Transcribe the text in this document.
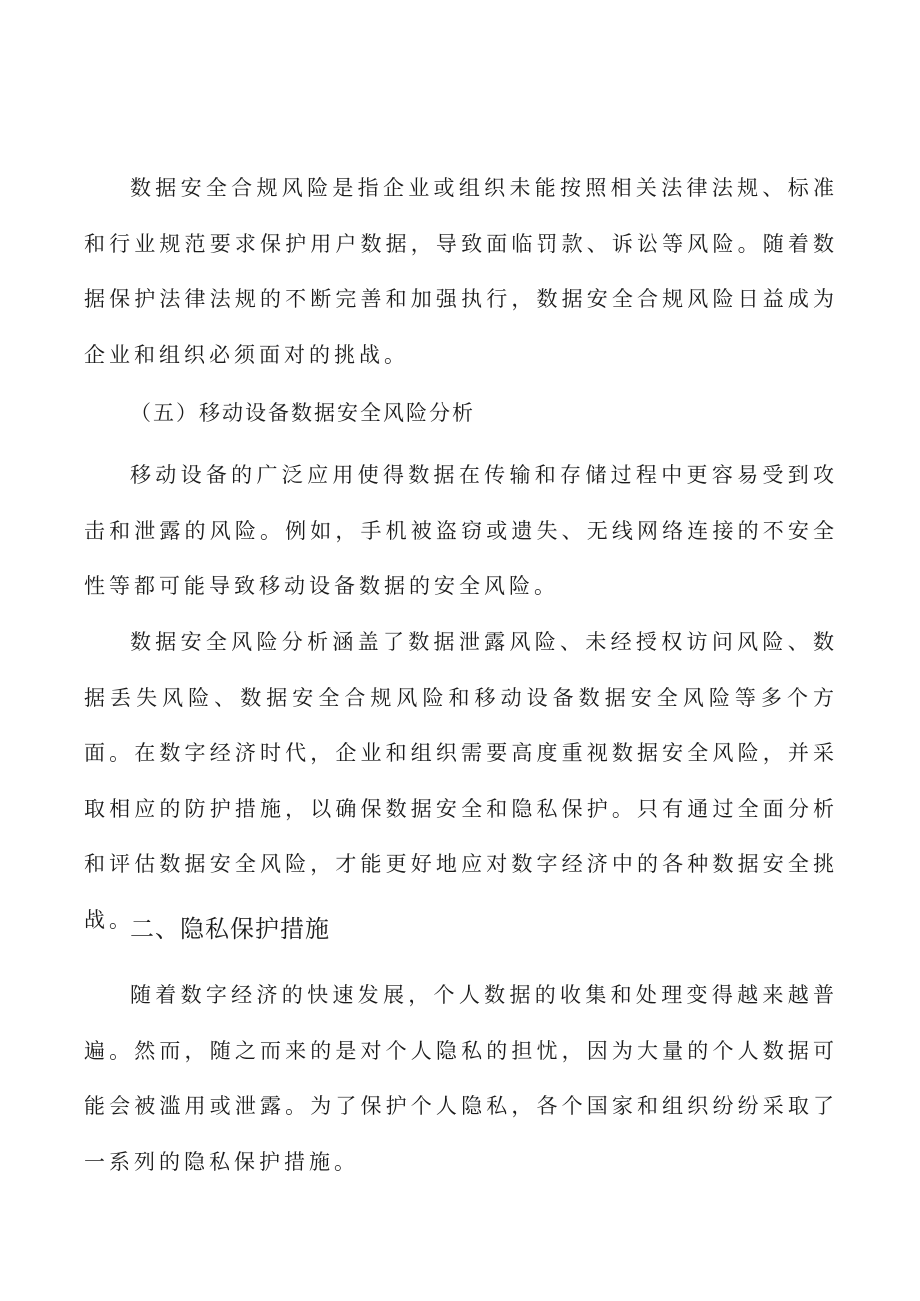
数据安全合规风险是指企业或组织未能按照相关法律法规、标准和行业规范要求保护用户数据，导致面临罚款、诉讼等风险。随着数据保护法律法规的不断完善和加强执行，数据安全合规风险日益成为企业和组织必须面对的挑战。

（五）移动设备数据安全风险分析

移动设备的广泛应用使得数据在传输和存储过程中更容易受到攻击和泄露的风险。例如，手机被盗窃或遗失、无线网络连接的不安全性等都可能导致移动设备数据的安全风险。

数据安全风险分析涵盖了数据泄露风险、未经授权访问风险、数据丢失风险、数据安全合规风险和移动设备数据安全风险等多个方面。在数字经济时代，企业和组织需要高度重视数据安全风险，并采取相应的防护措施，以确保数据安全和隐私保护。只有通过全面分析和评估数据安全风险，才能更好地应对数字经济中的各种数据安全挑战。

二、隐私保护措施

随着数字经济的快速发展，个人数据的收集和处理变得越来越普遍。然而，随之而来的是对个人隐私的担忧，因为大量的个人数据可能会被滥用或泄露。为了保护个人隐私，各个国家和组织纷纷采取了一系列的隐私保护措施。
